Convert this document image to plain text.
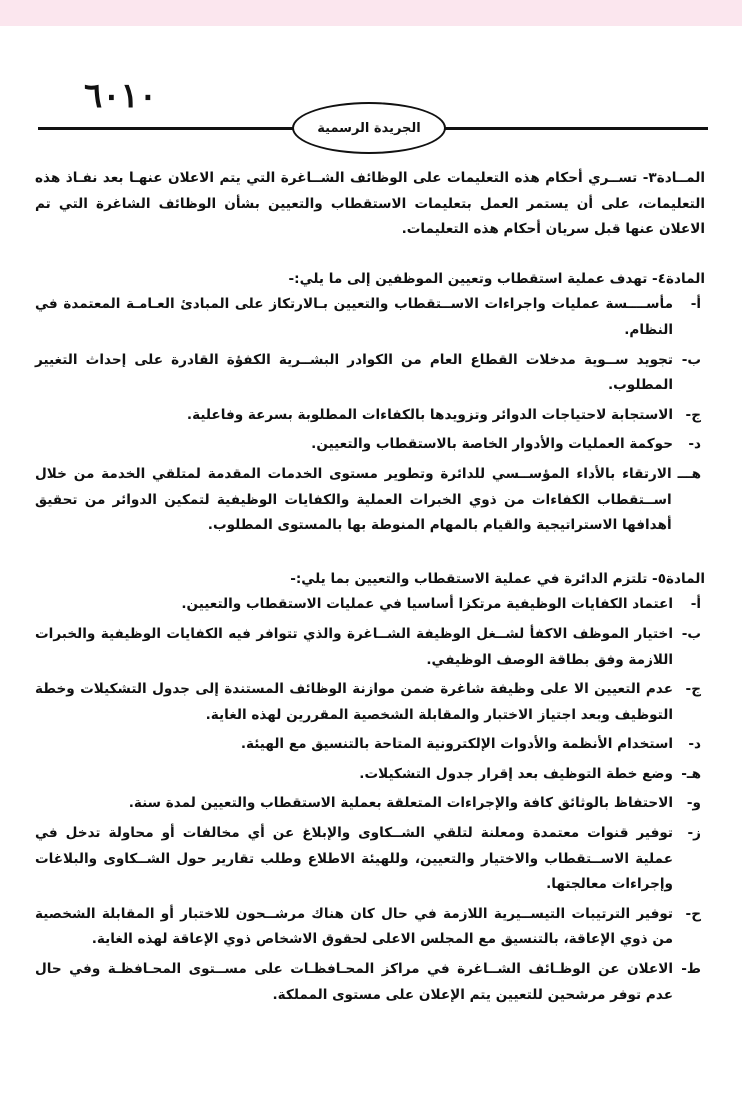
٦٠١٠
الجريدة الرسمية

المــادة٣- تســري أحكام هذه التعليمات على الوظائف الشــاغرة التي يتم الاعلان عنهـا بعد نفـاذ هذه التعليمات، على أن يستمر العمل بتعليمات الاستقطاب والتعيين بشأن الوظائف الشاغرة التي تم الاعلان عنها قبل سريان أحكام هذه التعليمات.

المادة٤- تهدف عملية استقطاب وتعيين الموظفين إلى ما يلي:-

أ-
مأســــسة عمليات واجراءات الاســتقطاب والتعيين بـالارتكاز على المبادئ العـامـة المعتمدة في النظام.
ب-
تجويد ســوية مدخلات القطاع العام من الكوادر البشــرية الكفؤة القادرة على إحداث التغيير المطلوب.
ج-
الاستجابة لاحتياجات الدوائر وتزويدها بالكفاءات المطلوبة بسرعة وفاعلية.
د-
حوكمة العمليات والأدوار الخاصة بالاستقطاب والتعيين.
هـــ
الارتقاء بالأداء المؤســسي للدائرة وتطوير مستوى الخدمات المقدمة لمتلقي الخدمة من خلال اســتقطاب الكفاءات من ذوي الخبرات العملية والكفايات الوظيفية لتمكين الدوائر من تحقيق أهدافها الاستراتيجية والقيام بالمهام المنوطة بها بالمستوى المطلوب.

المادة٥- تلتزم الدائرة في عملية الاستقطاب والتعيين بما يلي:-

أ-
اعتماد الكفايات الوظيفية مرتكزا أساسيا في عمليات الاستقطاب والتعيين.
ب-
اختيار الموظف الاكفأ لشــغل الوظيفة الشــاغرة والذي تتوافر فيه الكفايات الوظيفية والخبرات اللازمة وفق بطاقة الوصف الوظيفي.
ج-
عدم التعيين الا على وظيفة شاغرة ضمن موازنة الوظائف المستندة إلى جدول التشكيلات وخطة التوظيف وبعد اجتياز الاختبار والمقابلة الشخصية المقررين لهذه الغاية.
د-
استخدام الأنظمة والأدوات الإلكترونية المتاحة بالتنسيق مع الهيئة.
هـ-
وضع خطة التوظيف بعد إقرار جدول التشكيلات.
و-
الاحتفاظ بالوثائق كافة والإجراءات المتعلقة بعملية الاستقطاب والتعيين لمدة سنة.
ز-
توفير قنوات معتمدة ومعلنة لتلقي الشــكاوى والإبلاغ عن أي مخالفات أو محاولة تدخل في عملية الاســتقطاب والاختيار والتعيين، وللهيئة الاطلاع وطلب تقارير حول الشــكاوى والبلاغات وإجراءات معالجتها.
ح-
توفير الترتيبات التيســيرية اللازمة في حال كان هناك مرشــحون للاختبار أو المقابلة الشخصية من ذوي الإعاقة، بالتنسيق مع المجلس الاعلى لحقوق الاشخاص ذوي الإعاقة لهذه الغاية.
ط-
الاعلان عن الوظـائف الشــاغرة في مراكز المحـافظـات على مســتوى المحـافظـة وفي حال عدم توفر مرشحين للتعيين يتم الإعلان على مستوى المملكة.
